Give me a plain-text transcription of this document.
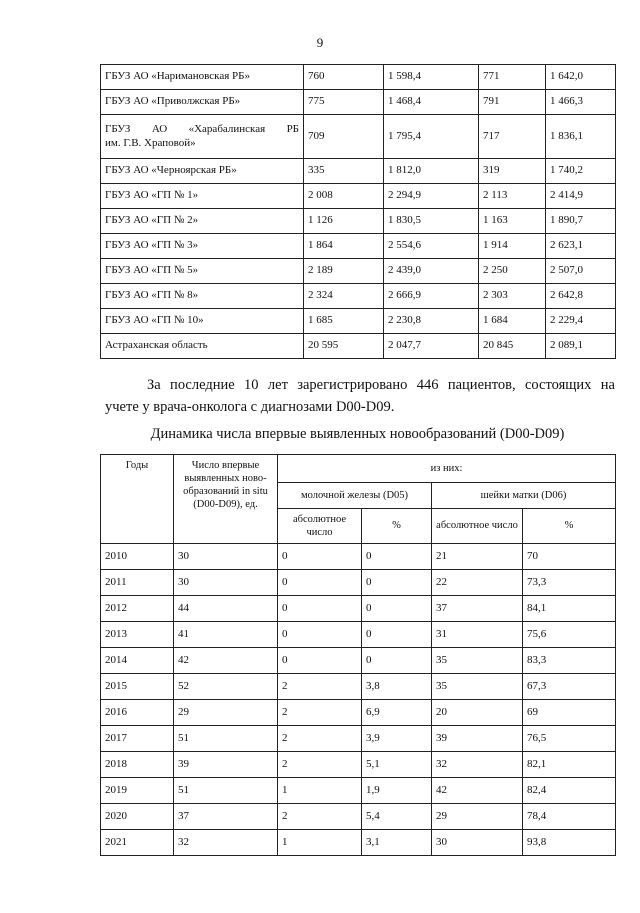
9
ГБУЗ АО «Наримановская РБ»	760	1 598,4	771	1 642,0
ГБУЗ АО «Приволжская РБ»	775	1 468,4	791	1 466,3

ГБУЗ АО «Харабалинская РБ
им. Г.В. Храповой»	709	1 795,4	717	1 836,1
ГБУЗ АО «Черноярская РБ»	335	1 812,0	319	1 740,2
ГБУЗ АО «ГП № 1»	2 008	2 294,9	2 113	2 414,9
ГБУЗ АО «ГП № 2»	1 126	1 830,5	1 163	1 890,7
ГБУЗ АО «ГП № 3»	1 864	2 554,6	1 914	2 623,1
ГБУЗ АО «ГП № 5»	2 189	2 439,0	2 250	2 507,0
ГБУЗ АО «ГП № 8»	2 324	2 666,9	2 303	2 642,8
ГБУЗ АО «ГП № 10»	1 685	2 230,8	1 684	2 229,4
Астраханская область	20 595	2 047,7	20 845	2 089,1
За последние 10 лет зарегистрировано 446 пациентов, состоящих на
учете у врача-онколога с диагнозами D00-D09.
Динамика числа впервые выявленных новообразований (D00-D09)
Годы	Число впервые выявленных ново- образований in situ (D00-D09), ед.	из них:			
		молочной железы (D05)		шейки матки (D06)	
		абсолютное число	%	абсолютное число	%
2010	30	0	0	21	70
2011	30	0	0	22	73,3
2012	44	0	0	37	84,1
2013	41	0	0	31	75,6
2014	42	0	0	35	83,3
2015	52	2	3,8	35	67,3
2016	29	2	6,9	20	69
2017	51	2	3,9	39	76,5
2018	39	2	5,1	32	82,1
2019	51	1	1,9	42	82,4
2020	37	2	5,4	29	78,4
2021	32	1	3,1	30	93,8
